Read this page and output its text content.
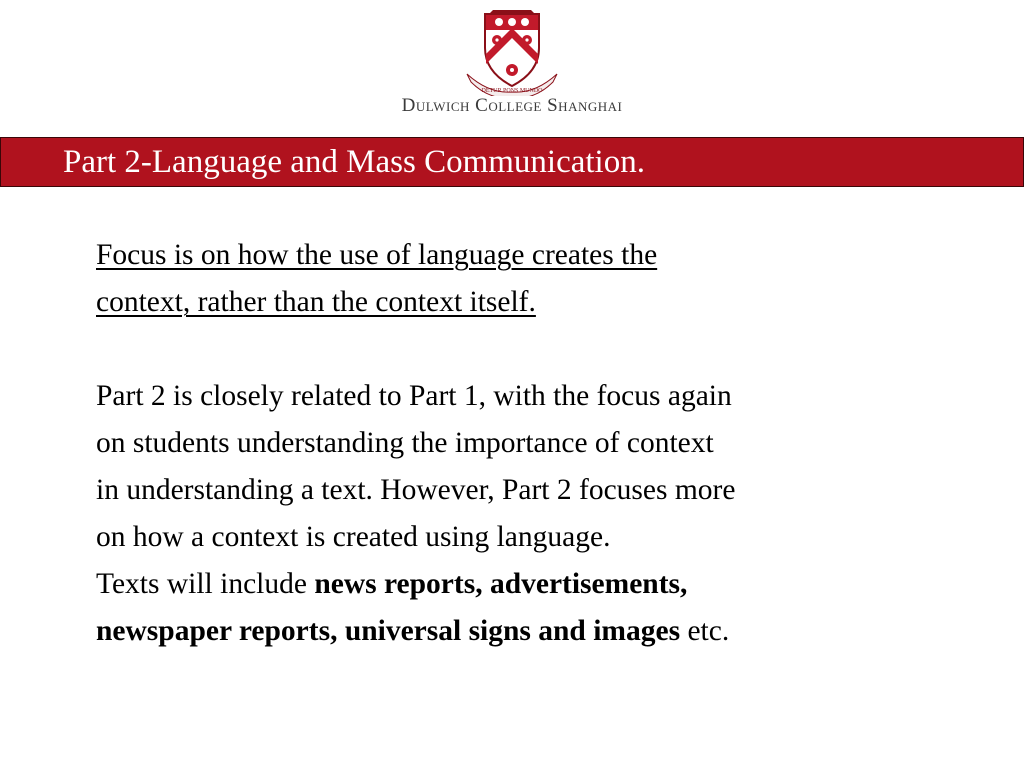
DETUR PONS MUNDO
Dulwich College Shanghai
Part 2-Language and Mass Communication.

Focus is on how the use of language creates the

context, rather than the context itself.

Part 2 is closely related to Part 1, with the focus again

on students understanding the importance of context

in understanding a text. However, Part 2 focuses more

on how a context is created using language.

Texts will include news reports, advertisements,

newspaper reports, universal signs and images etc.
